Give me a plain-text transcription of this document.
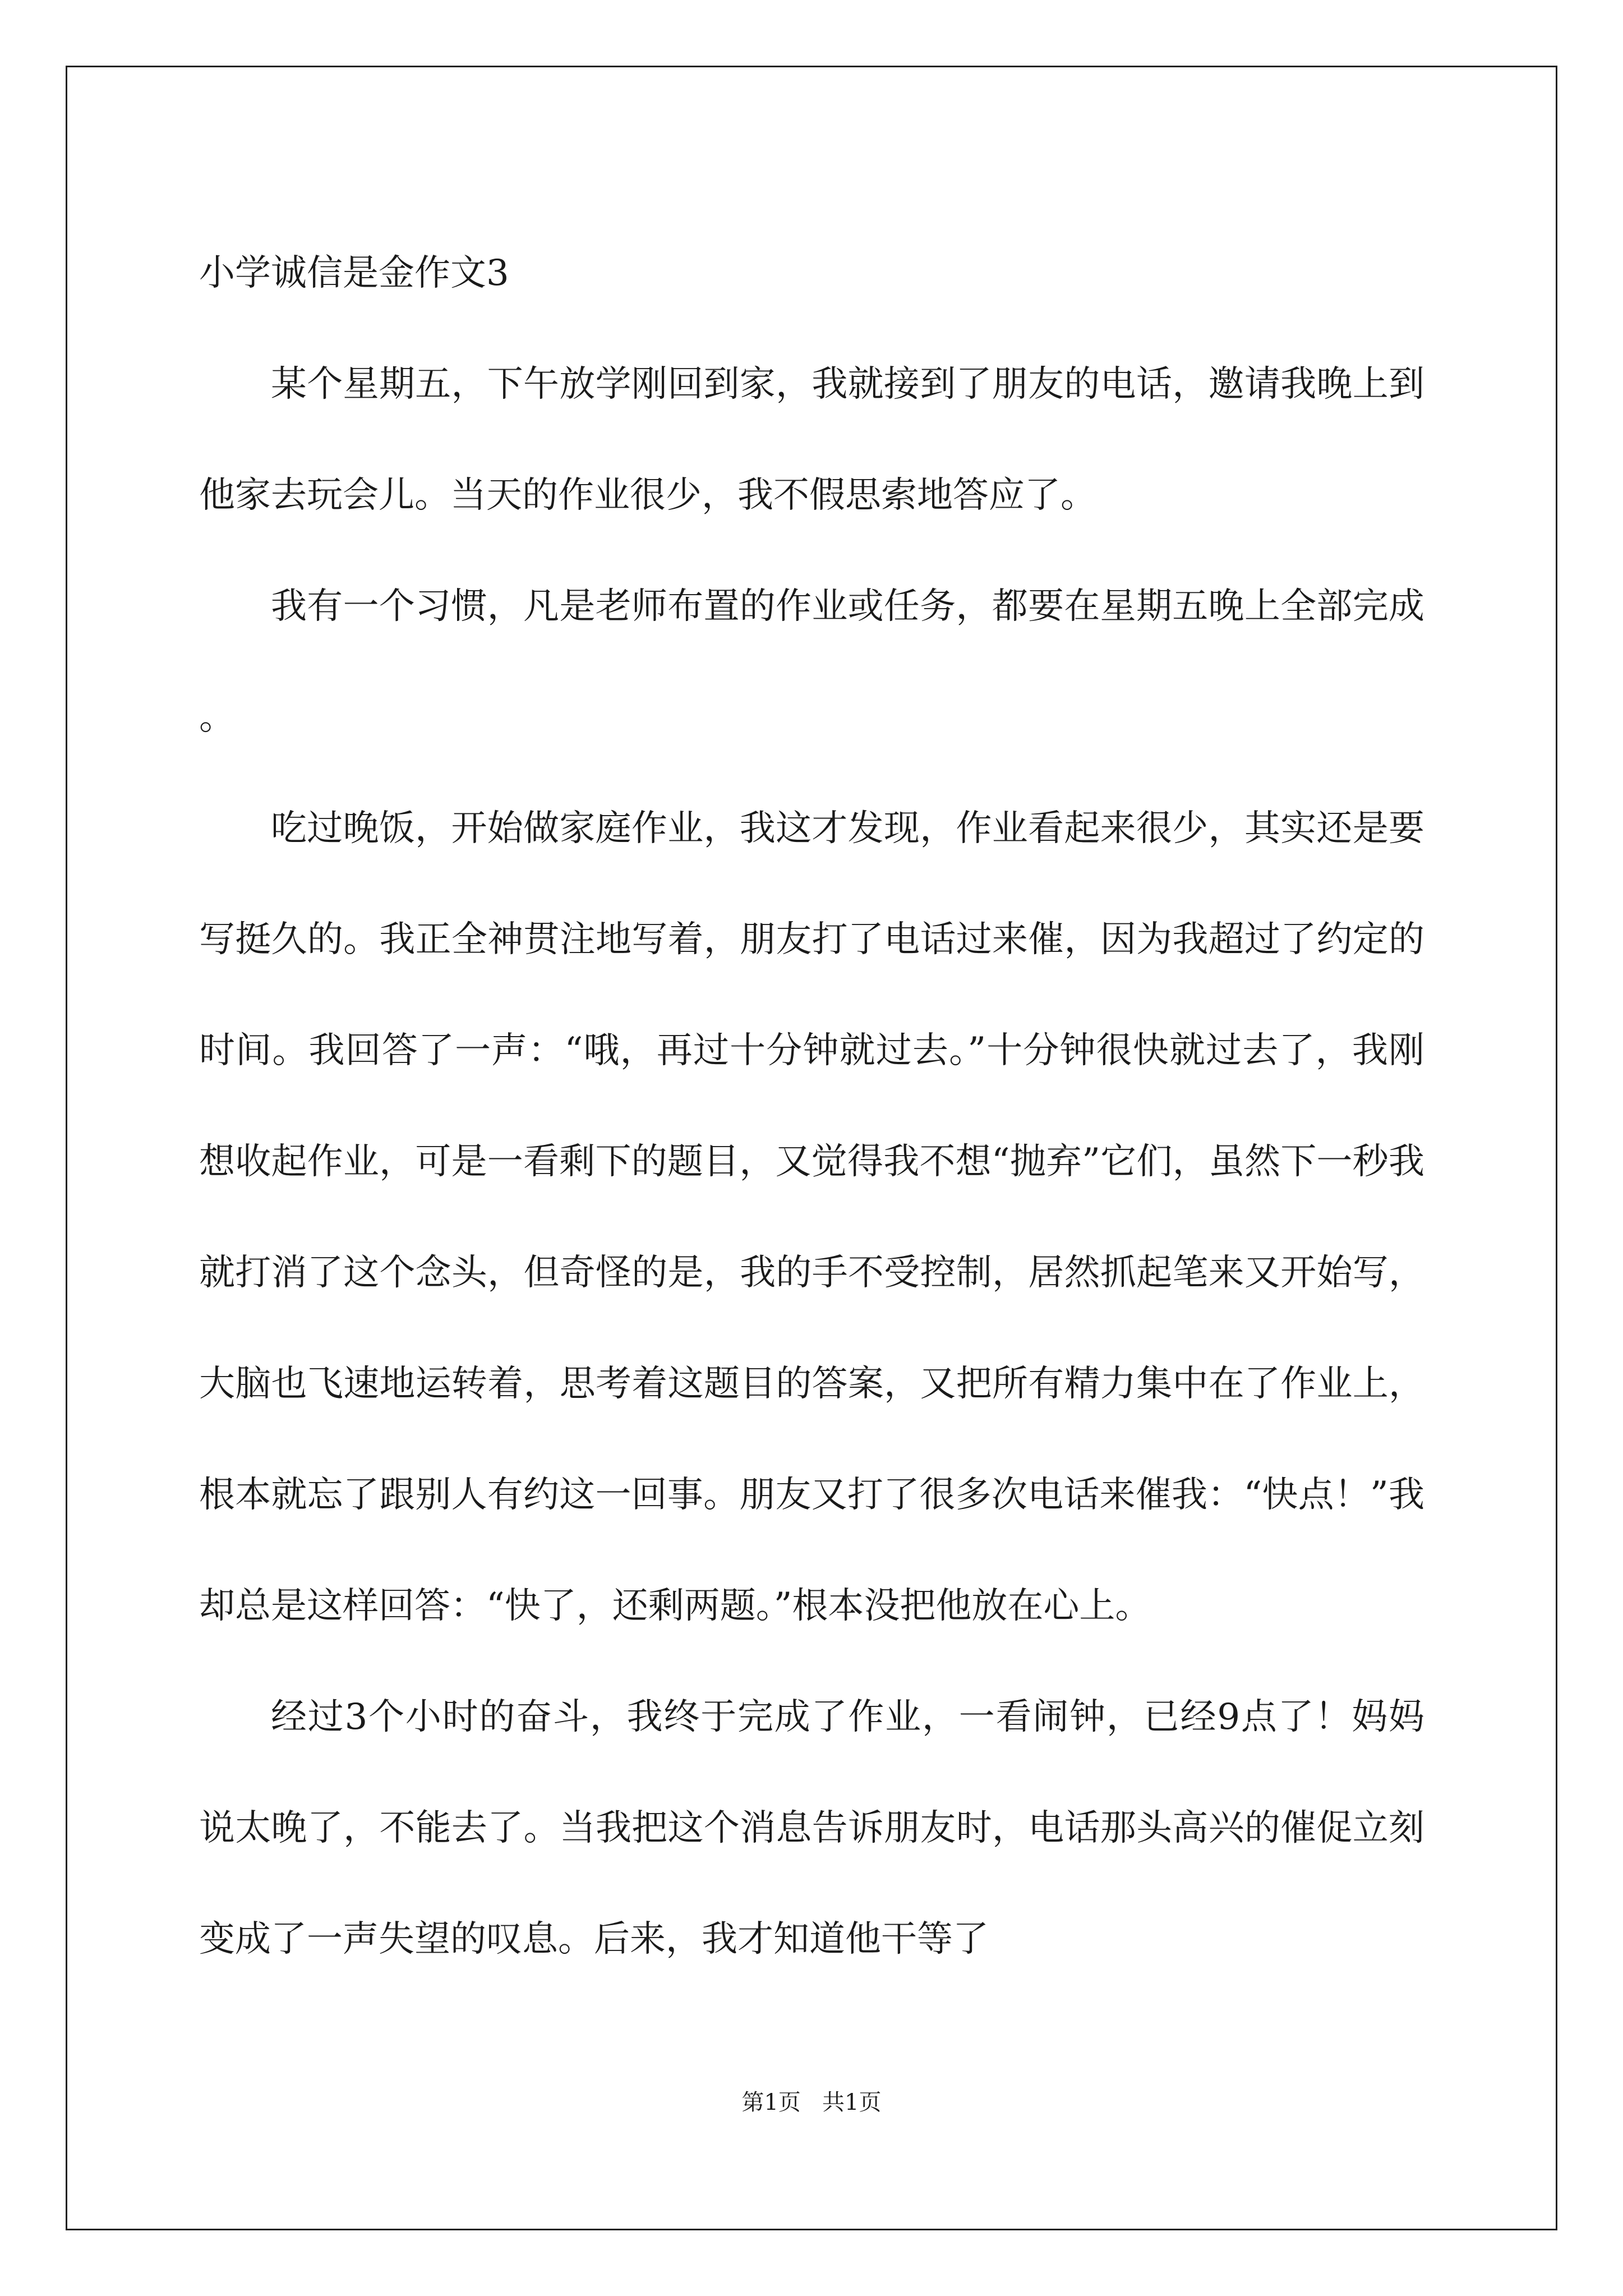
小学诚信是金作文3

某个星期五，下午放学刚回到家，我就接到了朋友的电话，邀请我晚上到他家去玩会儿。当天的作业很少，我不假思索地答应了。

我有一个习惯，凡是老师布置的作业或任务，都要在星期五晚上全部完成。

吃过晚饭，开始做家庭作业，我这才发现，作业看起来很少，其实还是要写挺久的。我正全神贯注地写着，朋友打了电话过来催，因为我超过了约定的时间。我回答了一声：“哦，再过十分钟就过去。”十分钟很快就过去了，我刚想收起作业，可是一看剩下的题目，又觉得我不想“抛弃”它们，虽然下一秒我就打消了这个念头，但奇怪的是，我的手不受控制，居然抓起笔来又开始写，大脑也飞速地运转着，思考着这题目的答案，又把所有精力集中在了作业上，根本就忘了跟别人有约这一回事。朋友又打了很多次电话来催我：“快点！”我却总是这样回答：“快了，还剩两题。”根本没把他放在心上。

经过3个小时的奋斗，我终于完成了作业，一看闹钟，已经9点了！妈妈说太晚了，不能去了。当我把这个消息告诉朋友时，电话那头高兴的催促立刻变成了一声失望的叹息。后来，我才知道他干等了

第1页   共1页
